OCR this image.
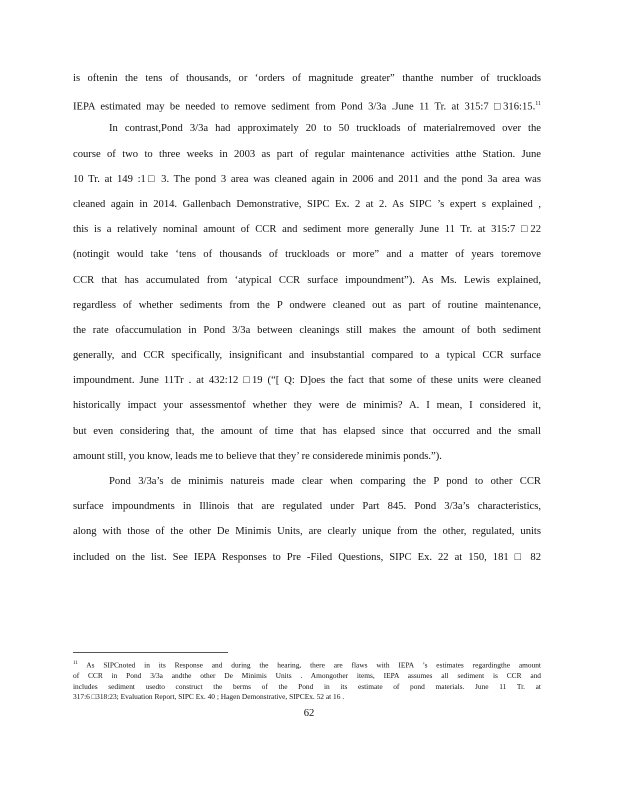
is oftenin the tens of thousands, or ‘orders of magnitude greater” thanthe number of truckloads
IEPA estimated may be needed to remove sediment from Pond 3/3a .June 11 Tr. at 315:7 □316:15.11
In contrast,Pond 3/3a had approximately 20 to 50 truckloads of materialremoved over the
course of two to three weeks in 2003 as part of regular maintenance activities atthe Station. June
10 Tr. at 149 :1□ 3. The pond 3 area was cleaned again in 2006 and 2011 and the pond 3a area was
cleaned again in 2014. Gallenbach Demonstrative, SIPC Ex. 2 at 2. As SIPC ’s expert s explained ,
this is a relatively nominal amount of CCR and sediment more generally June 11 Tr. at 315:7 □22
(notingit would take ‘tens of thousands of truckloads or more” and a matter of years toremove
CCR that has accumulated from ‘atypical CCR surface impoundment”). As Ms. Lewis explained,
regardless of whether sediments from the P ondwere cleaned out as part of routine maintenance,
the rate ofaccumulation in Pond 3/3a between cleanings still makes the amount of both sediment
generally, and CCR specifically, insignificant and insubstantial compared to a typical CCR surface
impoundment. June 11Tr . at 432:12 □19 (“[ Q: D]oes the fact that some of these units were cleaned
historically impact your assessmentof whether they were de minimis? A. I mean, I considered it,
but even considering that, the amount of time that has elapsed since that occurred and the small
amount still, you know, leads me to believe that they’ re considerede minimis ponds.”).
Pond 3/3a’s de minimis natureis made clear when comparing the P pond to other CCR
surface impoundments in Illinois that are regulated under Part 845. Pond 3/3a’s characteristics,
along with those of the other De Minimis Units, are clearly unique from the other, regulated, units
included on the list. See IEPA Responses to Pre -Filed Questions, SIPC Ex. 22 at 150, 181 □ 82
$^{11}$ As SIPCnoted in its Response and during the hearing, there are flaws with IEPA ’s estimates regardingthe amount
of CCR in Pond 3/3a andthe other De Minimis Units . Amongother items, IEPA assumes all sediment is CCR and
includes sediment usedto construct the berms of the Pond in its estimate of pond materials. June 11 Tr. at
317:6 □318:23; Evaluation Report, SIPC Ex. 40 ; Hagen Demonstrative, SIPCEx. 52 at 16 .
62
